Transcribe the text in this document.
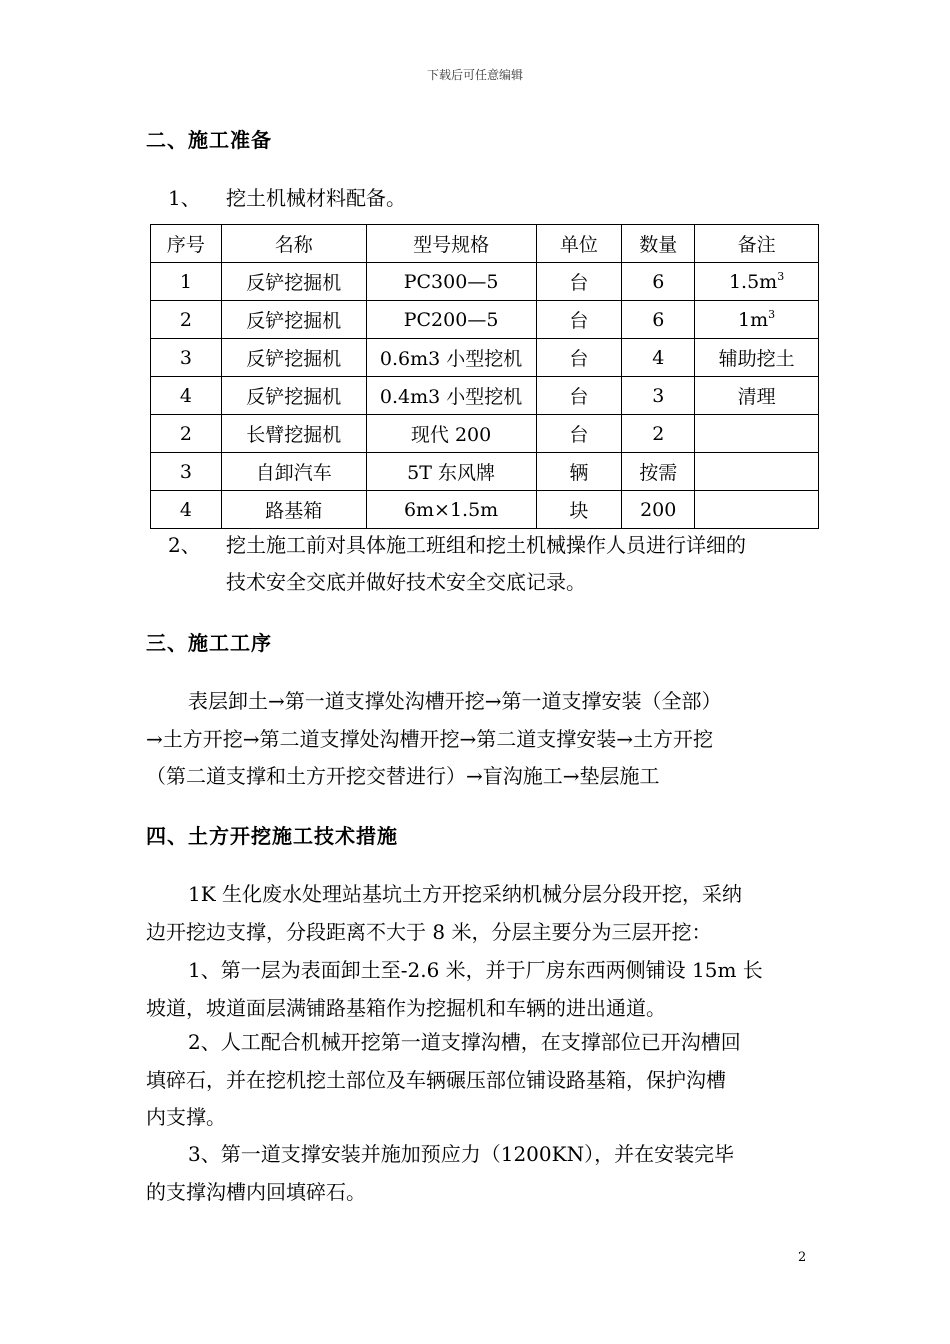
下载后可任意编辑
二、施工准备
1、 挖土机械材料配备。
序号	名称	型号规格	单位	数量	备注
1	反铲挖掘机	PC300—5	台	6	$1.5m^3$
2	反铲挖掘机	PC200—5	台	6	$1m^3$
3	反铲挖掘机	0.6m3 小型挖机	台	4	辅助挖土
4	反铲挖掘机	0.4m3 小型挖机	台	3	清理
2	长臂挖掘机	现代 200	台	2	
3	自卸汽车	5T 东风牌	辆	按需	
4	路基箱	6m×1.5m	块	200	
2、 挖土施工前对具体施工班组和挖土机械操作人员进行详细的
技术安全交底并做好技术安全交底记录。
三、施工工序
表层卸土→第一道支撑处沟槽开挖→第一道支撑安装（全部）
→土方开挖→第二道支撑处沟槽开挖→第二道支撑安装→土方开挖
（第二道支撑和土方开挖交替进行）→盲沟施工→垫层施工
四、土方开挖施工技术措施
1K 生化废水处理站基坑土方开挖采纳机械分层分段开挖，采纳
边开挖边支撑，分段距离不大于 8 米，分层主要分为三层开挖：
1、第一层为表面卸土至-2.6 米，并于厂房东西两侧铺设 15m 长
坡道，坡道面层满铺路基箱作为挖掘机和车辆的进出通道。
2、人工配合机械开挖第一道支撑沟槽，在支撑部位已开沟槽回
填碎石，并在挖机挖土部位及车辆碾压部位铺设路基箱，保护沟槽
内支撑。
3、第一道支撑安装并施加预应力（1200KN），并在安装完毕
的支撑沟槽内回填碎石。
2
